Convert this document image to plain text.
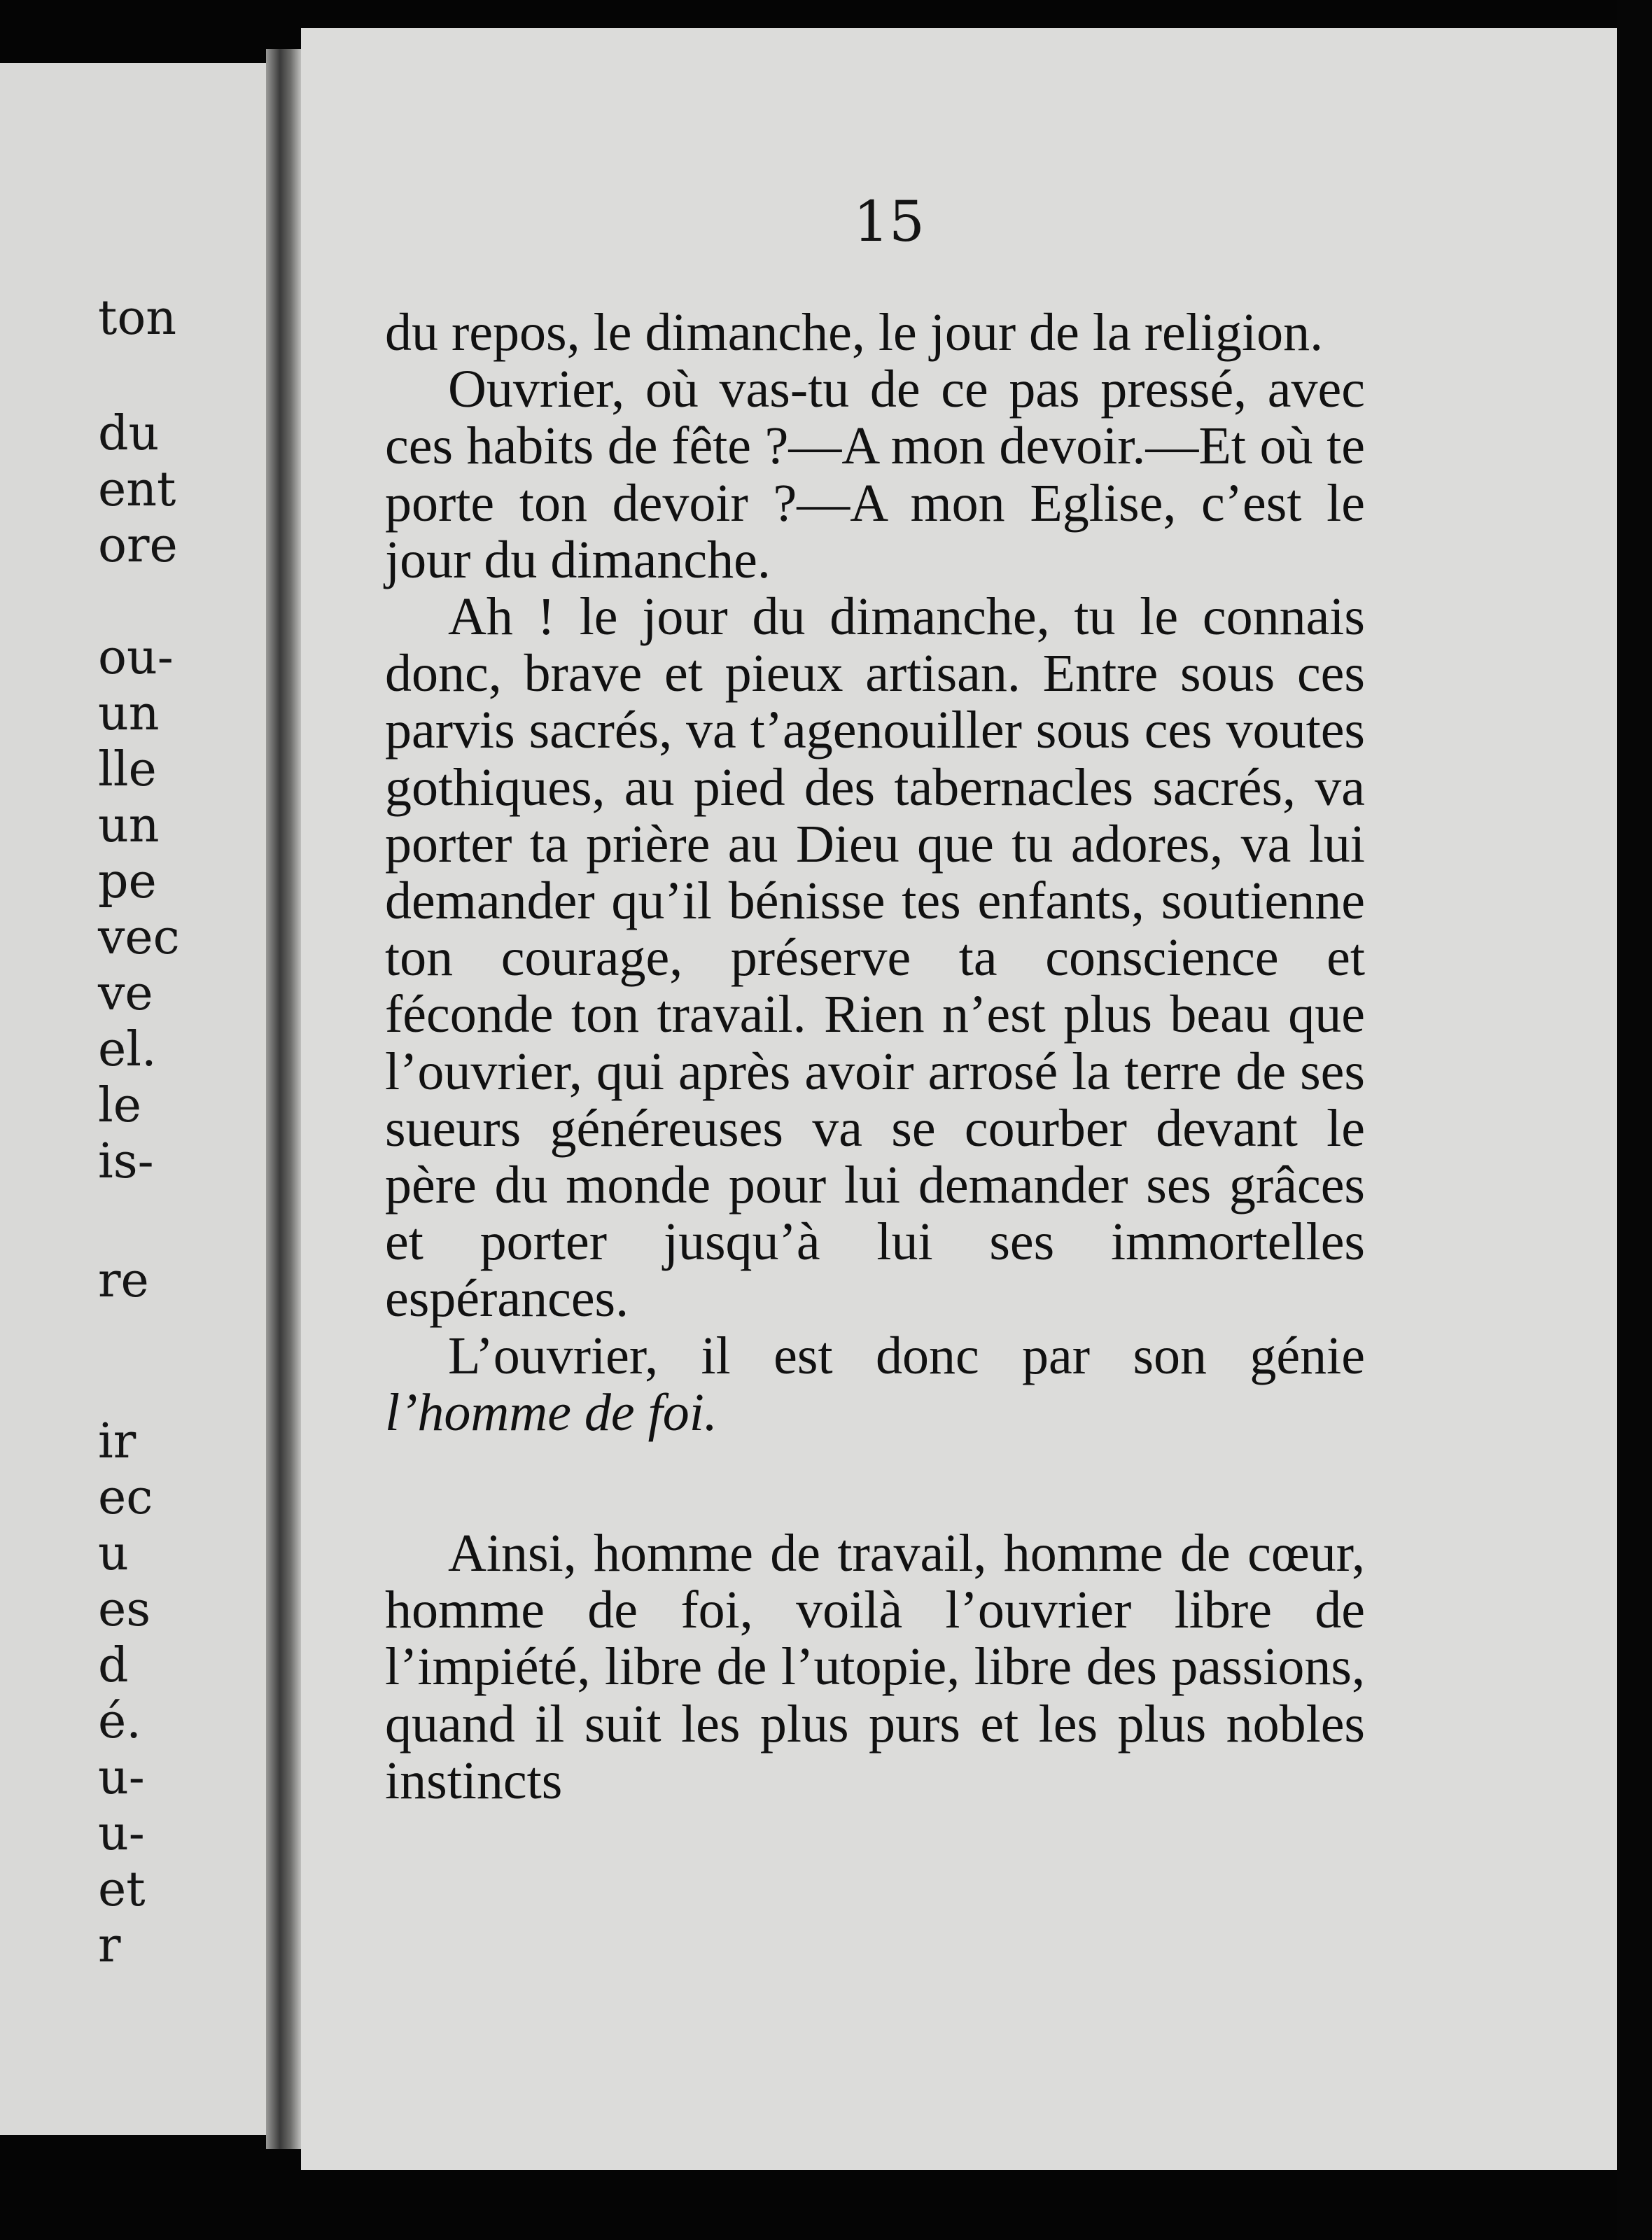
ton
du
ent
ore
ou-
un
lle
un
pe
vec
ve
el.
le
is-
re
ir
ec
u
es
d
é.
u-
u-
et
r
15

du repos, le dimanche, le jour de la religion.

Ouvrier, où vas-tu de ce pas pressé, avec ces habits de fête ?—A mon devoir.—Et où te porte ton devoir ?—A mon Eglise, c’est le jour du dimanche.

Ah ! le jour du dimanche, tu le connais donc, brave et pieux artisan. Entre sous ces parvis sacrés, va t’agenouiller sous ces voutes gothiques, au pied des tabernacles sacrés, va porter ta prière au Dieu que tu adores, va lui demander qu’il bénisse tes enfants, soutienne ton courage, préserve ta conscience et féconde ton travail. Rien n’est plus beau que l’ouvrier, qui après avoir arrosé la terre de ses sueurs généreuses va se courber devant le père du monde pour lui demander ses grâces et porter jusqu’à lui ses immortelles espérances.

L’ouvrier, il est donc par son génie l’homme de foi.

Ainsi, homme de travail, homme de cœur, homme de foi, voilà l’ouvrier libre de l’impiété, libre de l’utopie, libre des passions, quand il suit les plus purs et les plus nobles instincts
